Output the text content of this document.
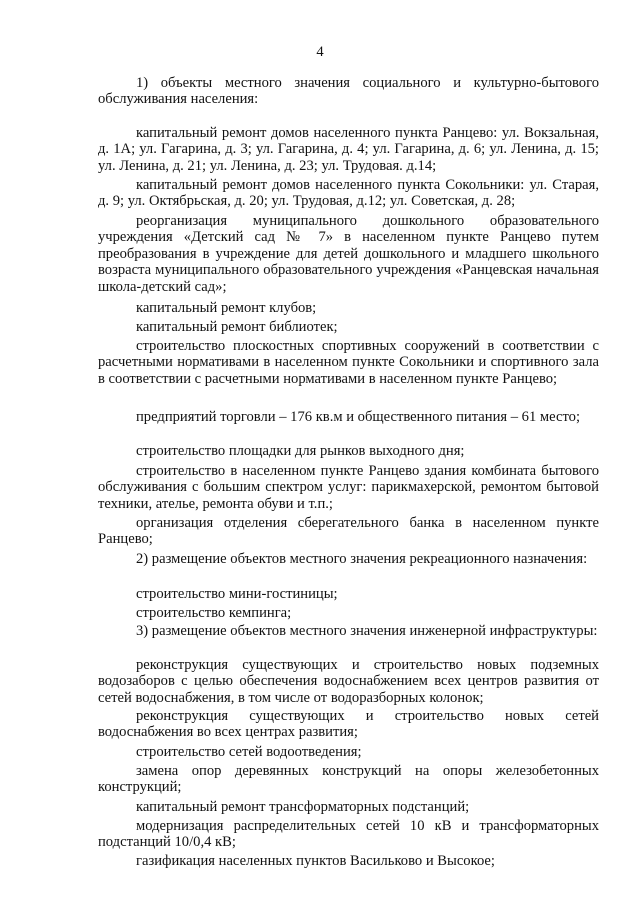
4

1) объекты местного значения социального и культурно-бытового обслуживания населения:

капитальный ремонт домов населенного пункта Ранцево: ул. Вокзальная, д. 1А; ул. Гагарина, д. 3; ул. Гагарина, д. 4; ул. Гагарина, д. 6; ул. Ленина, д. 15; ул. Ленина, д. 21; ул. Ленина, д. 23; ул. Трудовая. д.14;

капитальный ремонт домов населенного пункта Сокольники: ул. Старая, д. 9; ул. Октябрьская, д. 20; ул. Трудовая, д.12; ул. Советская, д. 28;

реорганизация муниципального дошкольного образовательного учреждения «Детский сад № 7» в населенном пункте Ранцево путем преобразования в учреждение для детей дошкольного и младшего школьного возраста муниципального образовательного учреждения «Ранцевская начальная школа-детский сад»;

капитальный ремонт клубов;

капитальный ремонт библиотек;

строительство плоскостных спортивных сооружений в соответствии с расчетными нормативами в населенном пункте Сокольники и спортивного зала в соответствии с расчетными нормативами в населенном пункте Ранцево;

предприятий торговли – 176 кв.м и общественного питания – 61 место;

строительство площадки для рынков выходного дня;

строительство в населенном пункте Ранцево здания комбината бытового обслуживания с большим спектром услуг: парикмахерской, ремонтом бытовой техники, ателье, ремонта обуви и т.п.;

организация отделения сберегательного банка в населенном пункте Ранцево;

2) размещение объектов местного значения рекреационного назначения:

строительство мини-гостиницы;

строительство кемпинга;

3) размещение объектов местного значения инженерной инфраструктуры:

реконструкция существующих и строительство новых подземных водозаборов с целью обеспечения водоснабжением всех центров развития от сетей водоснабжения, в том числе от водоразборных колонок;

реконструкция существующих и строительство новых сетей водоснабжения во всех центрах развития;

строительство сетей водоотведения;

замена опор деревянных конструкций на опоры железобетонных конструкций;

капитальный ремонт трансформаторных подстанций;

модернизация распределительных сетей 10 кВ и трансформаторных подстанций 10/0,4 кВ;

газификация населенных пунктов Васильково и Высокое;
